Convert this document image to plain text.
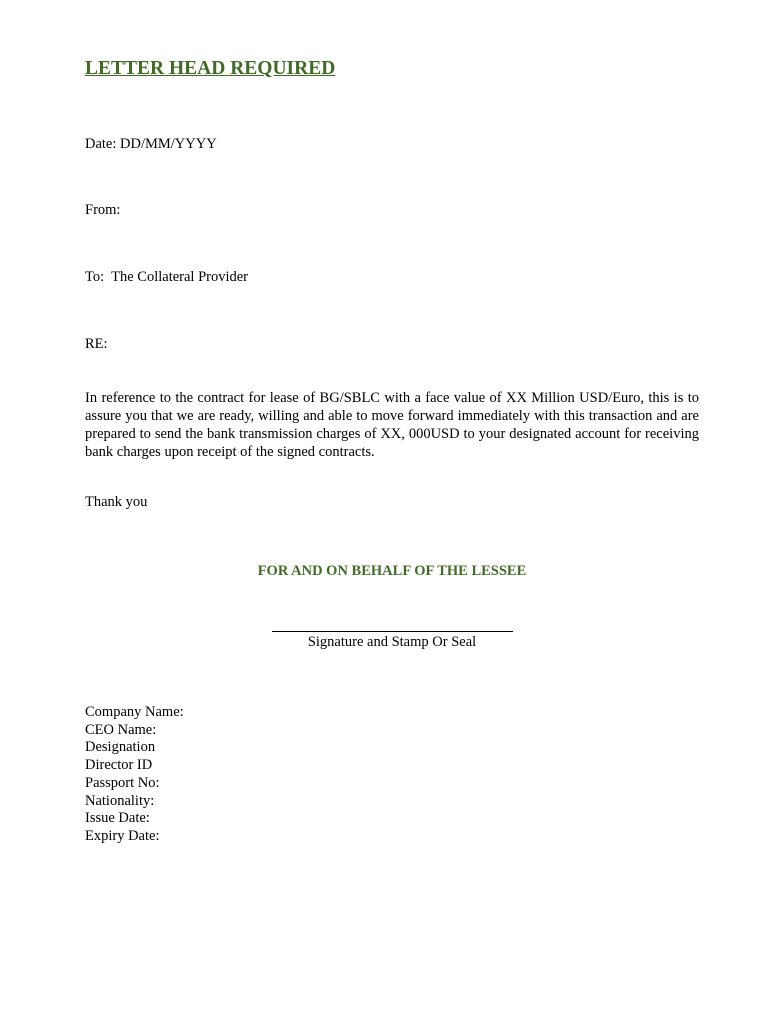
LETTER HEAD REQUIRED
Date: DD/MM/YYYY
From:
To:  The Collateral Provider
RE:
In reference to the contract for lease of BG/SBLC with a face value of XX Million USD/Euro, this is to assure you that we are ready, willing and able to move forward immediately with this transaction and are prepared to send the bank transmission charges of XX, 000USD to your designated account for receiving bank charges upon receipt of the signed contracts.
Thank you
FOR AND ON BEHALF OF THE LESSEE
Signature and Stamp Or Seal
Company Name:
CEO Name:
Designation
Director ID
Passport No:
Nationality:
Issue Date:
Expiry Date:
